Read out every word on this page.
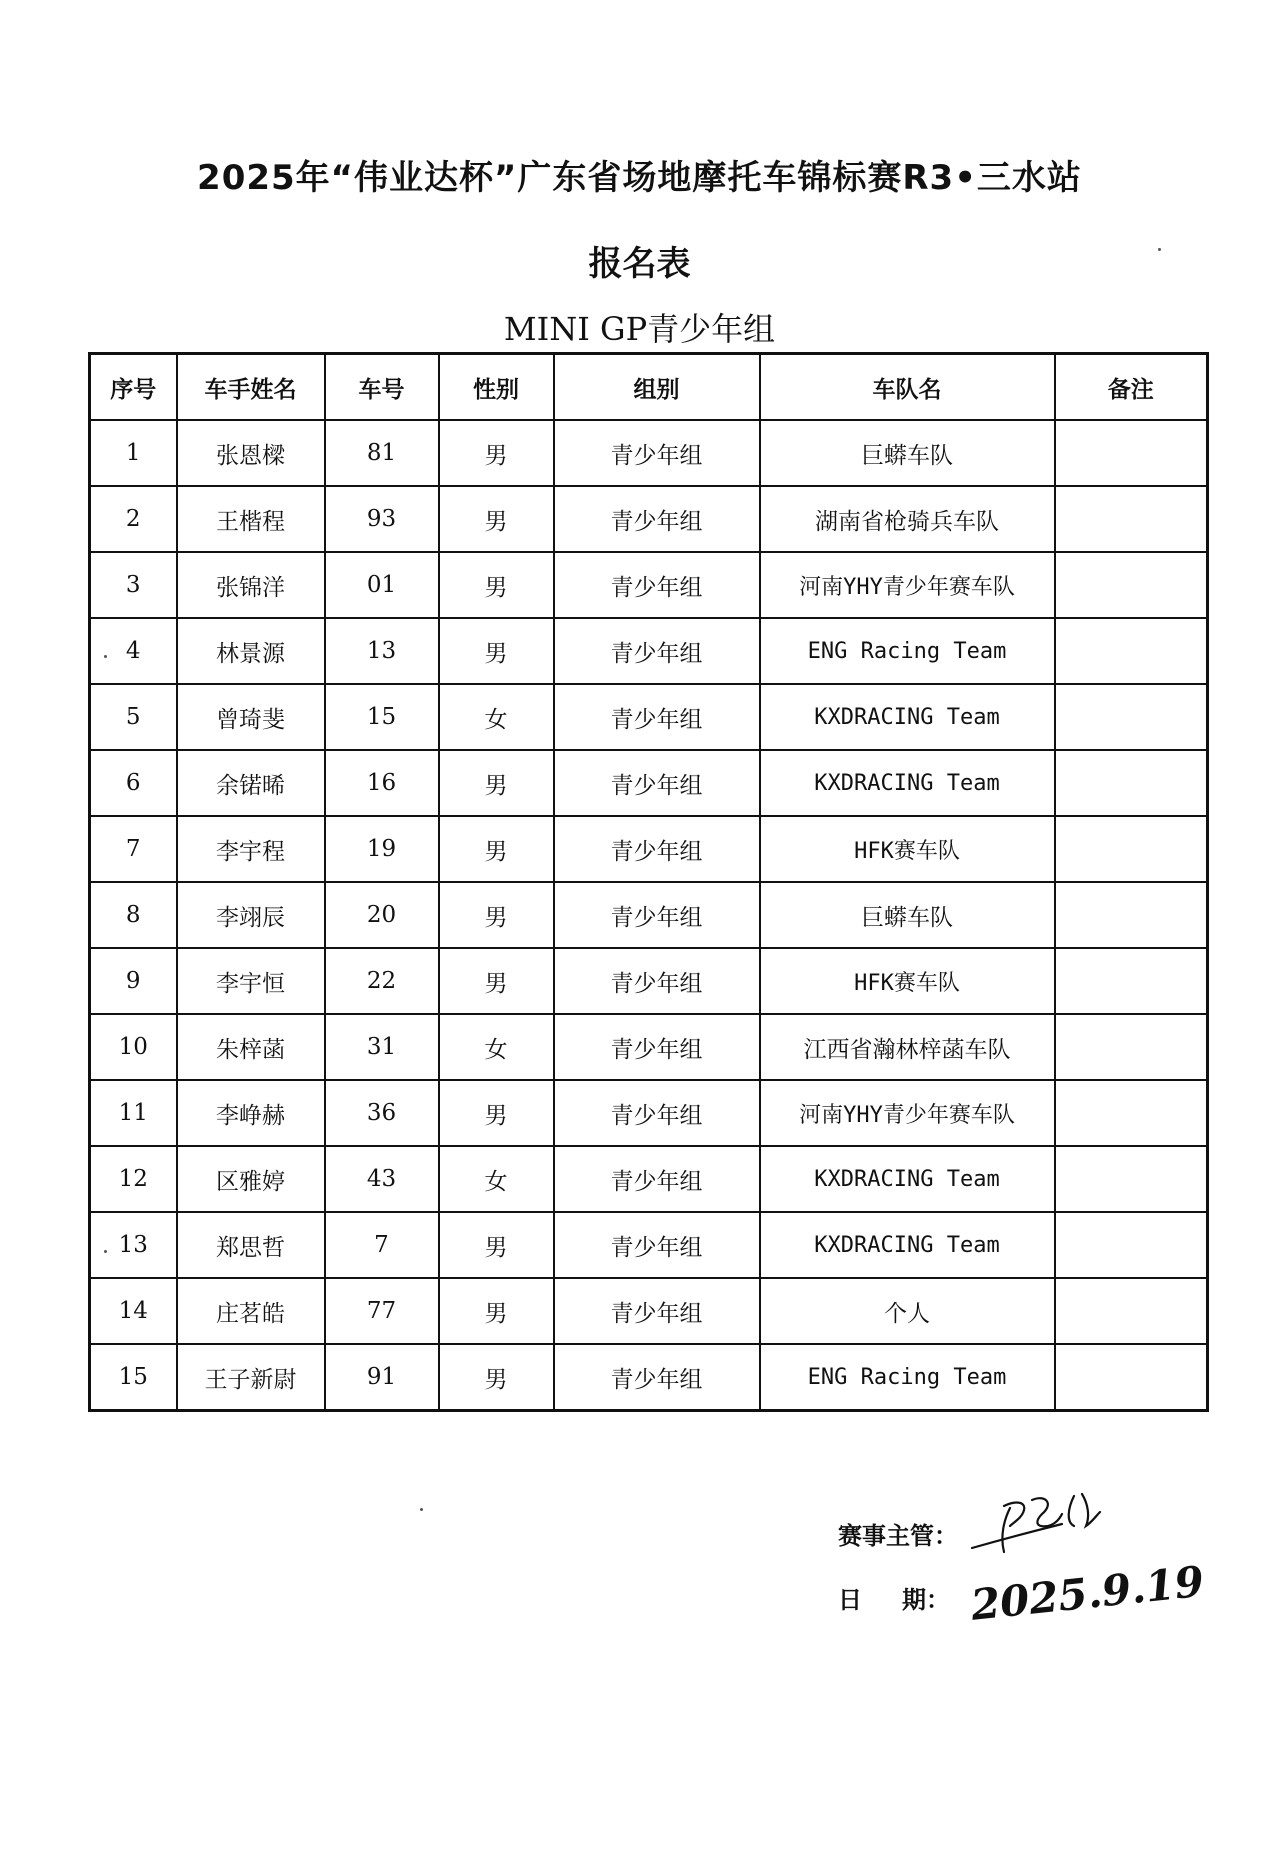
2025年“伟业达杯”广东省场地摩托车锦标赛R3•三水站
报名表
MINI GP青少年组
序号	车手姓名	车号	性别	组别	车队名	备注
1	张恩樑	81	男	青少年组	巨蟒车队	
2	王楷程	93	男	青少年组	湖南省枪骑兵车队	
3	张锦洋	01	男	青少年组	河南YHY青少年赛车队	
4	林景源	13	男	青少年组	ENG Racing Team	
5	曾琦斐	15	女	青少年组	KXDRACING Team	
6	余锘晞	16	男	青少年组	KXDRACING Team	
7	李宇程	19	男	青少年组	HFK赛车队	
8	李翊辰	20	男	青少年组	巨蟒车队	
9	李宇恒	22	男	青少年组	HFK赛车队	
10	朱梓菡	31	女	青少年组	江西省瀚林梓菡车队	
11	李峥赫	36	男	青少年组	河南YHY青少年赛车队	
12	区雅婷	43	女	青少年组	KXDRACING Team	
13	郑思哲	7	男	青少年组	KXDRACING Team	
14	庄茗皓	77	男	青少年组	个人	
15	王子新尉	91	男	青少年组	ENG Racing Team	
赛事主管：
日 期： 2025.9.19
